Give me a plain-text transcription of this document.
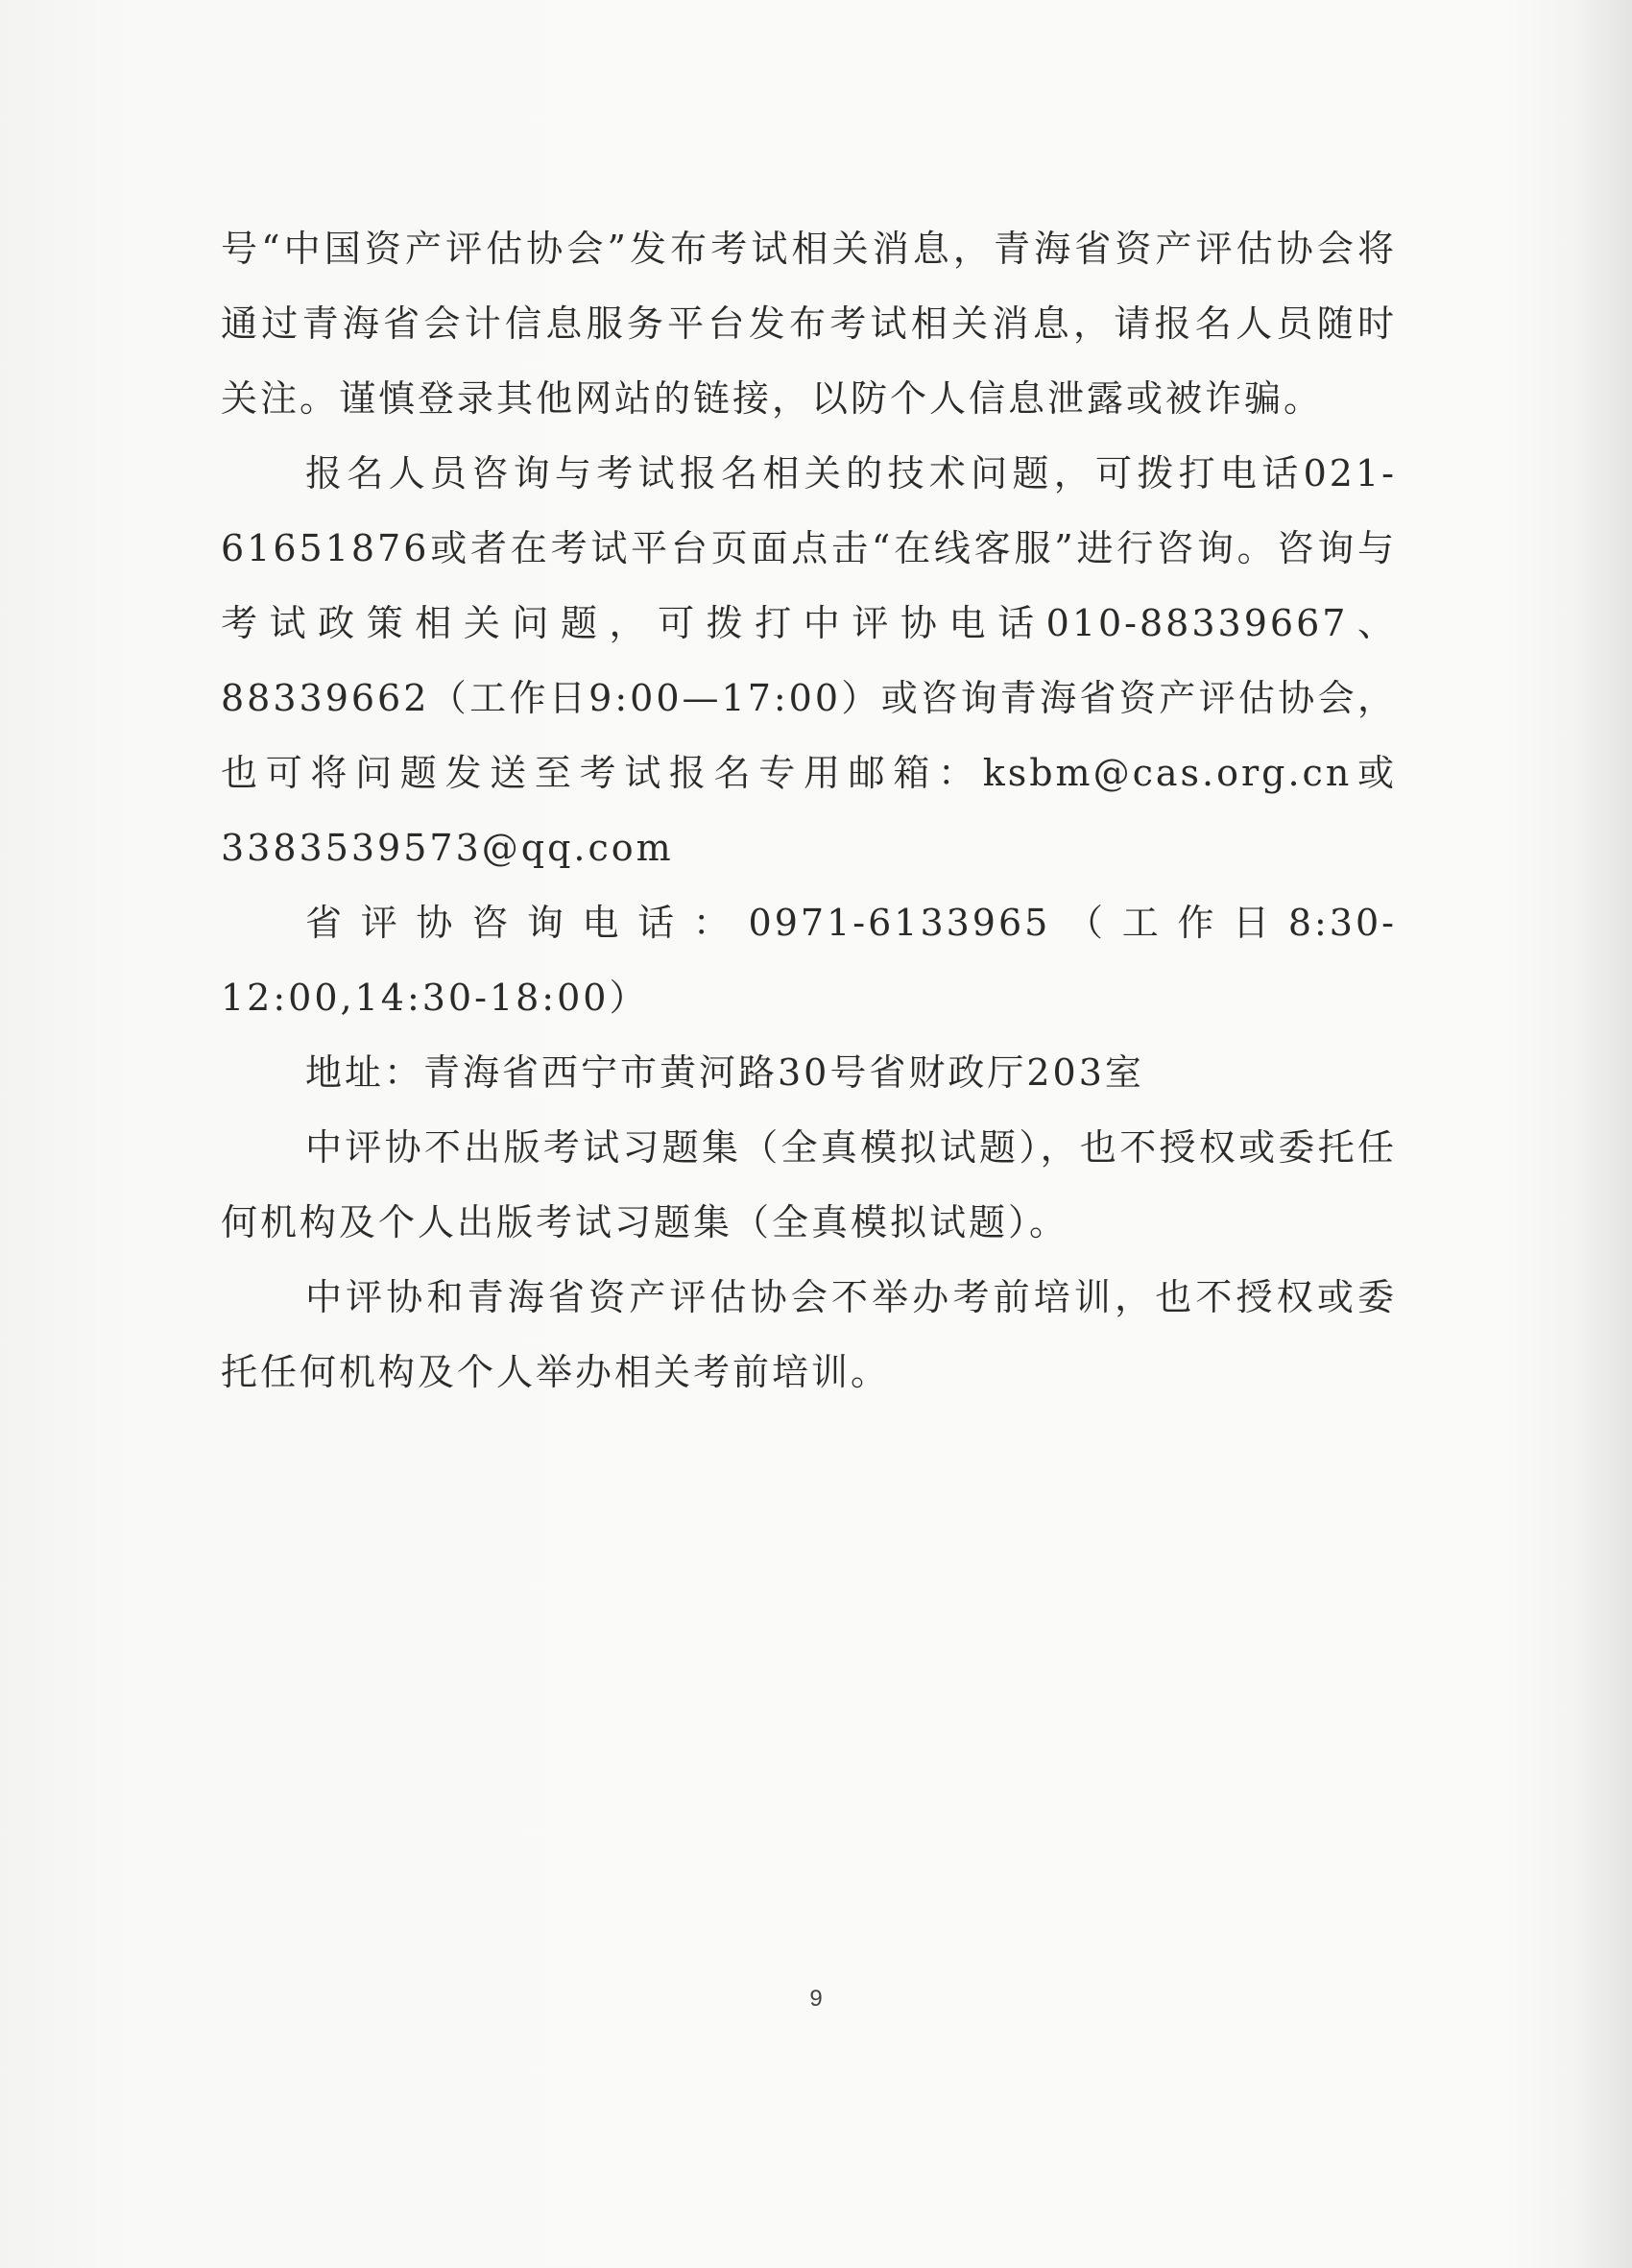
号“中国资产评估协会”发布考试相关消息，青海省资产评估协会将通过青海省会计信息服务平台发布考试相关消息，请报名人员随时关注。谨慎登录其他网站的链接，以防个人信息泄露或被诈骗。

报名人员咨询与考试报名相关的技术问题，可拨打电话021-61651876或者在考试平台页面点击“在线客服”进行咨询。咨询与考试政策相关问题，可拨打中评协电话010-88339667、88339662（工作日9:00—17:00）或咨询青海省资产评估协会，也可将问题发送至考试报名专用邮箱：ksbm@cas.org.cn或3383539573@qq.com

省评协咨询电话：0971-6133965（工作日8:30-12:00,14:30-18:00）

地址：青海省西宁市黄河路30号省财政厅203室

中评协不出版考试习题集（全真模拟试题），也不授权或委托任何机构及个人出版考试习题集（全真模拟试题）。

中评协和青海省资产评估协会不举办考前培训，也不授权或委托任何机构及个人举办相关考前培训。

9
